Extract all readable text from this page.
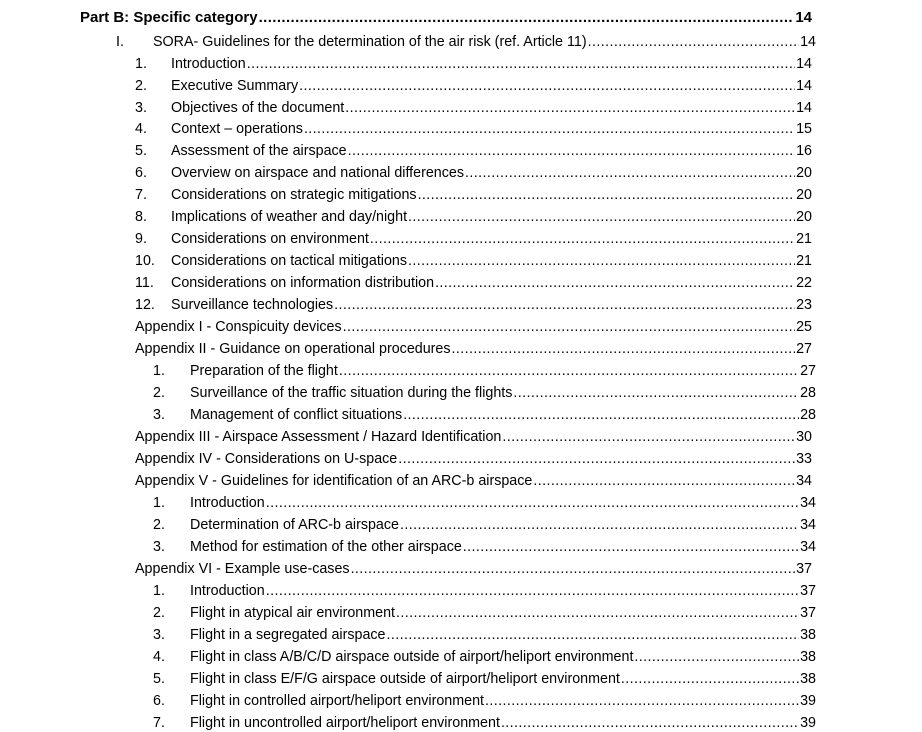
Part B: Specific category .....	14
I.	SORA- Guidelines for the determination of the air risk (ref. Article 11) .....	14
1.	Introduction .....	14
2.	Executive Summary .....	14
3.	Objectives of the document .....	14
4.	Context – operations .....	15
5.	Assessment of the airspace .....	16
6.	Overview on airspace and national differences .....	20
7.	Considerations on strategic mitigations .....	20
8.	Implications of weather and day/night .....	20
9.	Considerations on environment .....	21
10.	Considerations on tactical mitigations .....	21
11.	Considerations on information distribution .....	22
12.	Surveillance technologies .....	23
Appendix I - Conspicuity devices .....	25
Appendix II - Guidance on operational procedures .....	27
1.	Preparation of the flight .....	27
2.	Surveillance of the traffic situation during the flights .....	28
3.	Management of conflict situations .....	28
Appendix III - Airspace Assessment / Hazard Identification .....	30
Appendix IV - Considerations on U-space .....	33
Appendix V - Guidelines for identification of an ARC-b airspace .....	34
1.	Introduction .....	34
2.	Determination of ARC-b airspace .....	34
3.	Method for estimation of the other airspace .....	34
Appendix VI - Example use-cases .....	37
1.	Introduction .....	37
2.	Flight in atypical air environment .....	37
3.	Flight in a segregated airspace .....	38
4.	Flight in class A/B/C/D airspace outside of airport/heliport environment .....	38
5.	Flight in class E/F/G airspace outside of airport/heliport environment .....	38
6.	Flight in controlled airport/heliport environment .....	39
7.	Flight in uncontrolled airport/heliport environment .....	39
